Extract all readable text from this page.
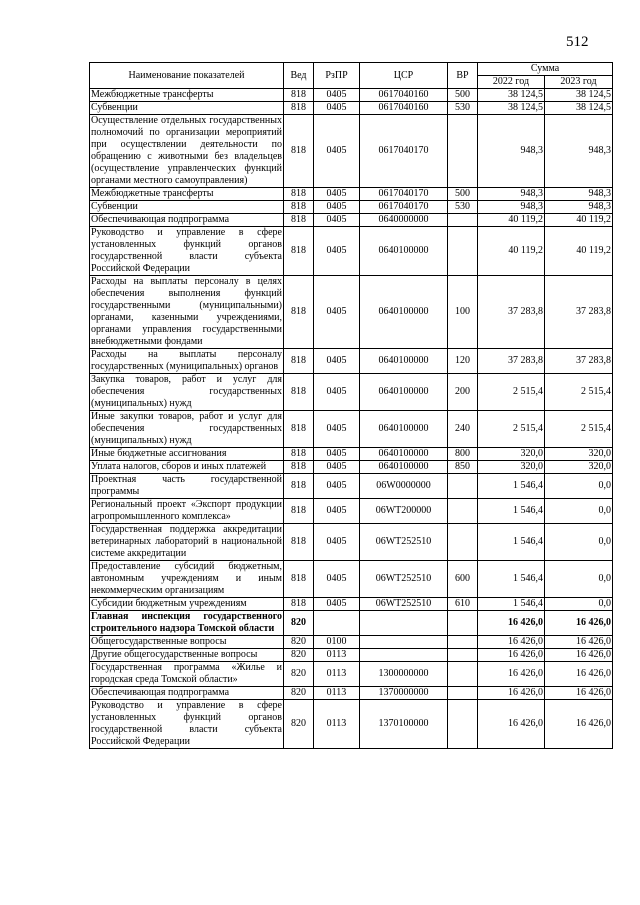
512
Наименование показателей	Вед	РзПР	ЦСР	ВР	Сумма	
					2022 год	2023 год
Межбюджетные трансферты	818	0405	0617040160	500	38 124,5	38 124,5
Субвенции	818	0405	0617040160	530	38 124,5	38 124,5
Осуществление отдельных государственных полномочий по организации мероприятий при осуществлении деятельности по обращению с животными без владельцев (осуществление управленческих функций органами местного самоуправления)	818	0405	0617040170		948,3	948,3
Межбюджетные трансферты	818	0405	0617040170	500	948,3	948,3
Субвенции	818	0405	0617040170	530	948,3	948,3
Обеспечивающая подпрограмма	818	0405	0640000000		40 119,2	40 119,2
Руководство и управление в сфере установленных функций органов государственной власти субъекта Российской Федерации	818	0405	0640100000		40 119,2	40 119,2
Расходы на выплаты персоналу в целях обеспечения выполнения функций государственными (муниципальными) органами, казенными учреждениями, органами управления государственными внебюджетными фондами	818	0405	0640100000	100	37 283,8	37 283,8
Расходы на выплаты персоналу государственных (муниципальных) органов	818	0405	0640100000	120	37 283,8	37 283,8
Закупка товаров, работ и услуг для обеспечения государственных (муниципальных) нужд	818	0405	0640100000	200	2 515,4	2 515,4
Иные закупки товаров, работ и услуг для обеспечения государственных (муниципальных) нужд	818	0405	0640100000	240	2 515,4	2 515,4
Иные бюджетные ассигнования	818	0405	0640100000	800	320,0	320,0
Уплата налогов, сборов и иных платежей	818	0405	0640100000	850	320,0	320,0
Проектная часть государственной программы	818	0405	06W0000000		1 546,4	0,0
Региональный проект «Экспорт продукции агропромышленного комплекса»	818	0405	06WT200000		1 546,4	0,0
Государственная поддержка аккредитации ветеринарных лабораторий в национальной системе аккредитации	818	0405	06WT252510		1 546,4	0,0
Предоставление субсидий бюджетным, автономным учреждениям и иным некоммерческим организациям	818	0405	06WT252510	600	1 546,4	0,0
Субсидии бюджетным учреждениям	818	0405	06WT252510	610	1 546,4	0,0
Главная инспекция государственного строительного надзора Томской области	820				16 426,0	16 426,0
Общегосударственные вопросы	820	0100			16 426,0	16 426,0
Другие общегосударственные вопросы	820	0113			16 426,0	16 426,0
Государственная программа «Жилье и городская среда Томской области»	820	0113	1300000000		16 426,0	16 426,0
Обеспечивающая подпрограмма	820	0113	1370000000		16 426,0	16 426,0
Руководство и управление в сфере установленных функций органов государственной власти субъекта Российской Федерации	820	0113	1370100000		16 426,0	16 426,0
